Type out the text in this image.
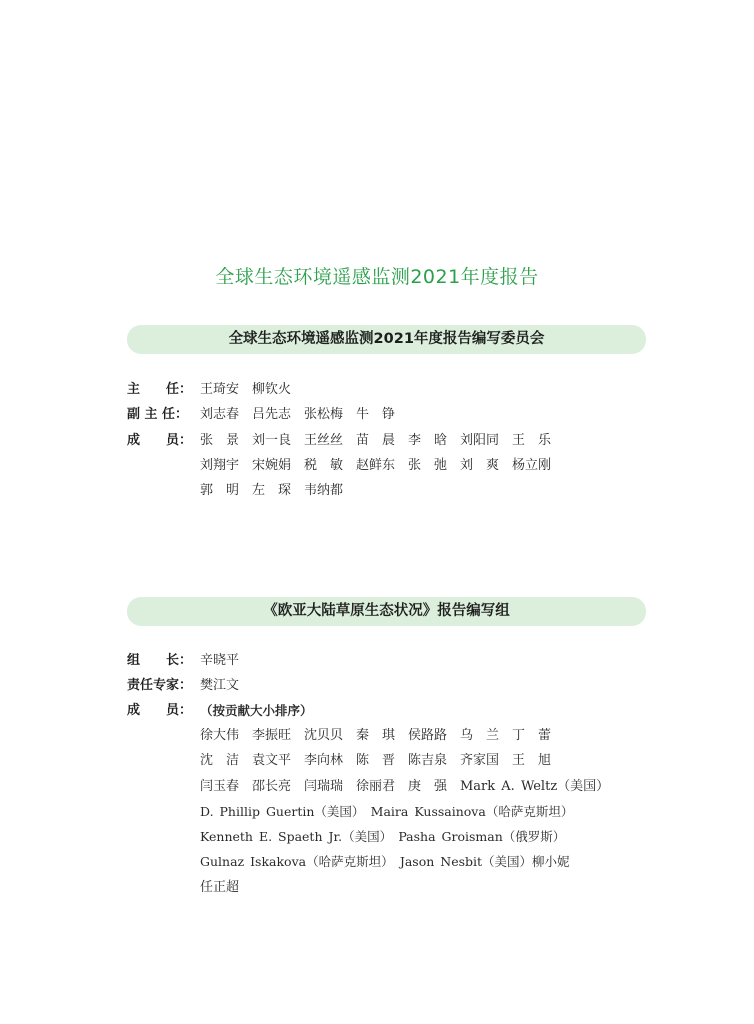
全球生态环境遥感监测2021年度报告
全球生态环境遥感监测2021年度报告编写委员会
主　　任： 王琦安　柳钦火
副 主 任： 刘志春　吕先志　张松梅　牛　铮
成　　员： 张　景　刘一良　王丝丝　苗　晨　李　晗　刘阳同　王　乐
刘翔宇　宋婉娟　税　敏　赵鲜东　张　弛　刘　爽　杨立刚
郭　明　左　琛　韦纳都
《欧亚大陆草原生态状况》报告编写组
组　　长： 辛晓平
责任专家： 樊江文
成　　员： （按贡献大小排序）
徐大伟　李振旺　沈贝贝　秦　琪　侯路路　乌　兰　丁　蕾
沈　洁　袁文平　李向林　陈　晋　陈吉泉　齐家国　王　旭
闫玉春　邵长亮　闫瑞瑞　徐丽君　庚　强　Mark A. Weltz（美国）
D. Phillip Guertin（美国）　Maira Kussainova（哈萨克斯坦）
Kenneth E. Spaeth Jr.（美国）　Pasha Groisman（俄罗斯）
Gulnaz Iskakova（哈萨克斯坦）　Jason Nesbit（美国）柳小妮
任正超
